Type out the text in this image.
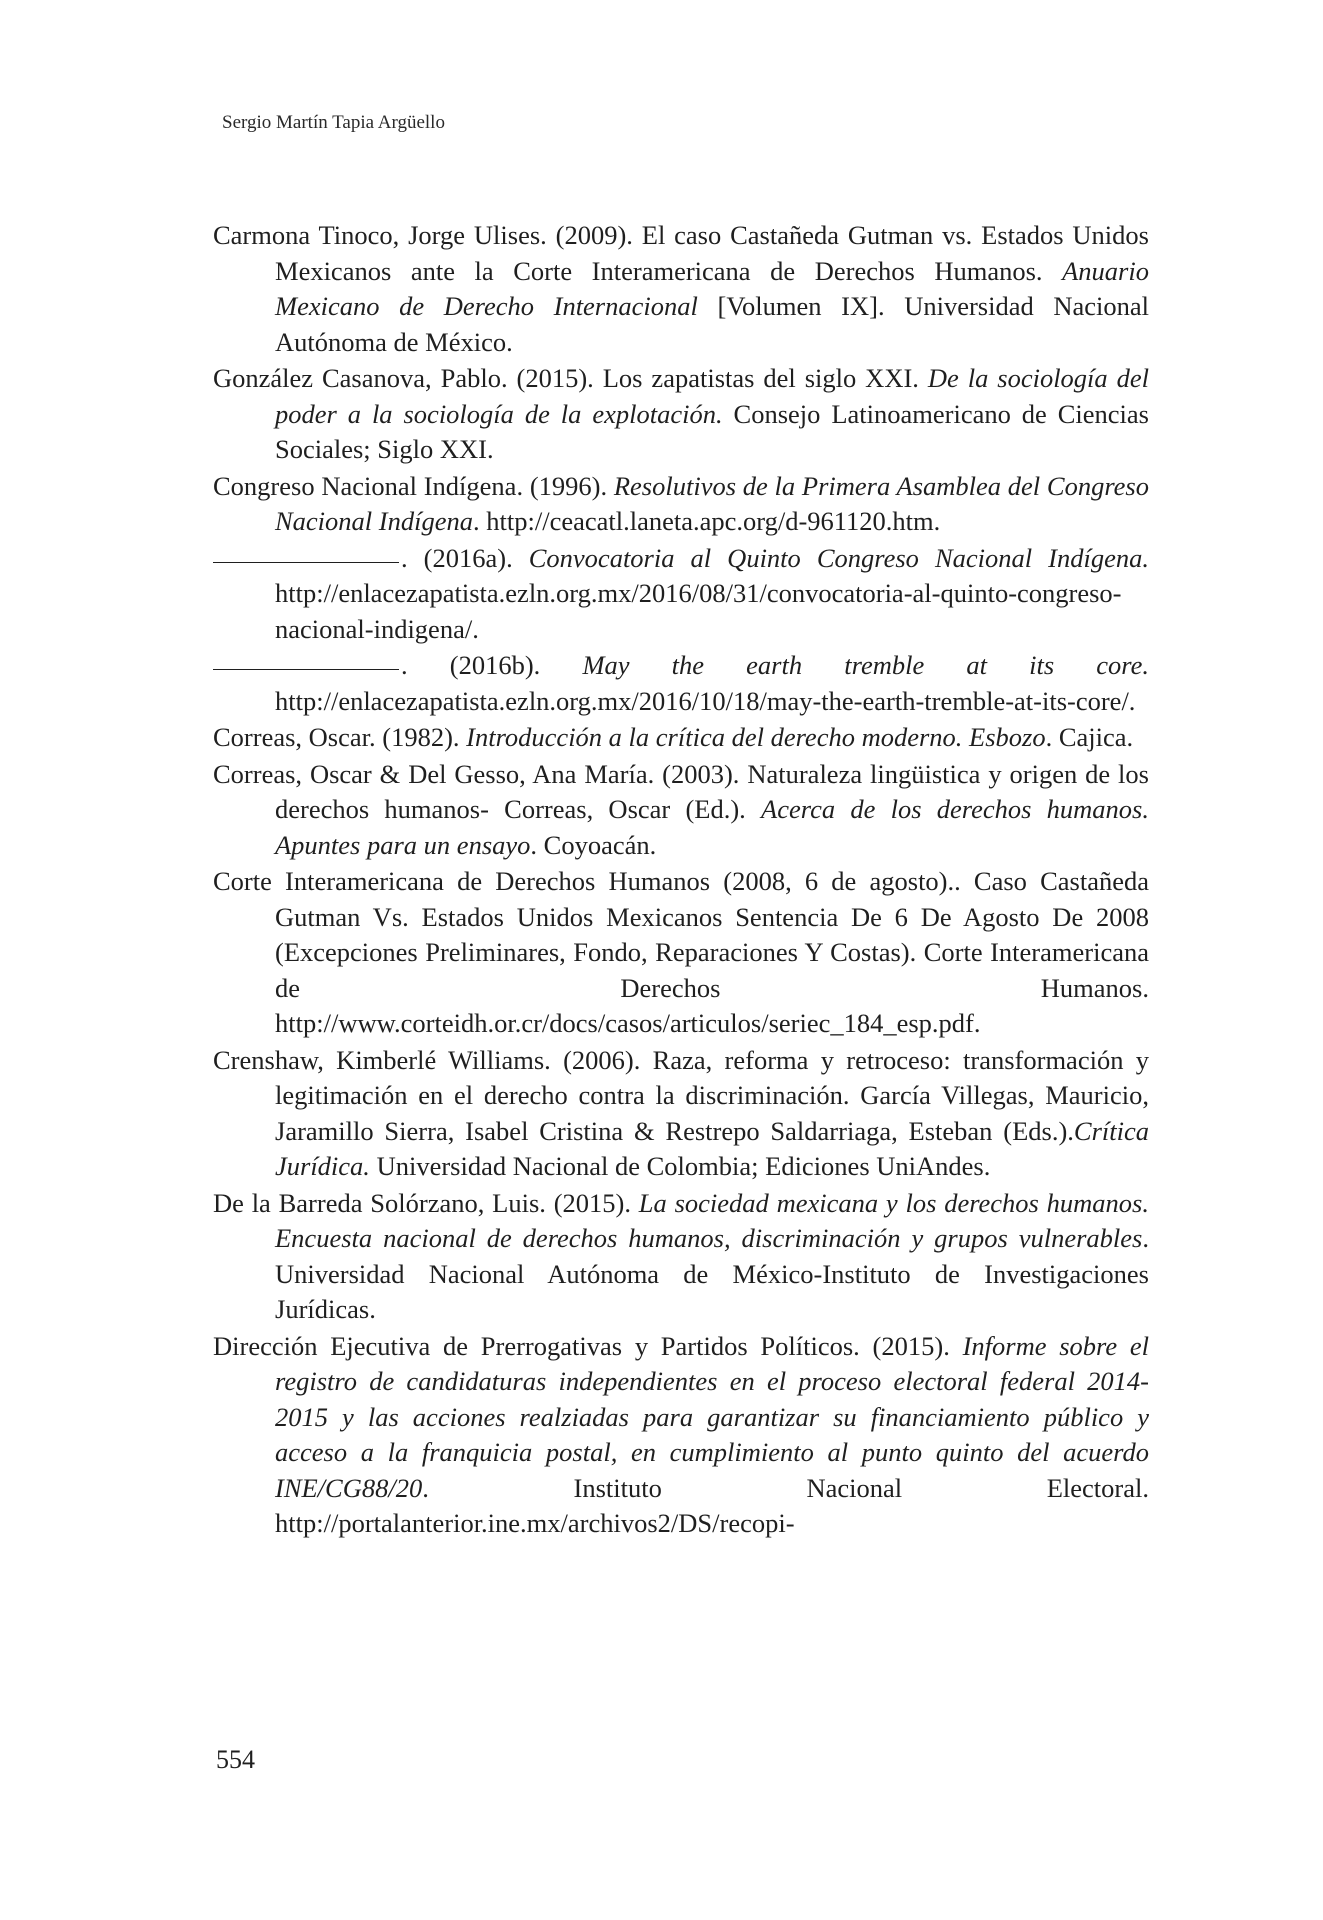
Sergio Martín Tapia Argüello

Carmona Tinoco, Jorge Ulises. (2009). El caso Castañeda Gutman vs. Estados Unidos Mexicanos ante la Corte Interamericana de Derechos Humanos. Anuario Mexicano de Derecho Internacional [Volumen IX]. Universidad Nacional Autónoma de México.

González Casanova, Pablo. (2015). Los zapatistas del siglo XXI. De la sociología del poder a la sociología de la explotación. Consejo Latinoamericano de Ciencias Sociales; Siglo XXI.

Congreso Nacional Indígena. (1996). Resolutivos de la Primera Asamblea del Congreso Nacional Indígena. http://ceacatl.laneta.apc.org/d-961120.htm.

. (2016a). Convocatoria al Quinto Congreso Nacional Indígena. http://enlacezapatista.ezln.org.mx/2016/08/31/convocatoria-al-quinto-congreso-nacional-indigena/.

. (2016b). May the earth tremble at its core. http://enlacezapatista.ezln.org.mx/2016/10/18/may-the-earth-tremble-at-its-core/.

Correas, Oscar. (1982). Introducción a la crítica del derecho moderno. Esbozo. Cajica.

Correas, Oscar & Del Gesso, Ana María. (2003). Naturaleza lingüistica y origen de los derechos humanos- Correas, Oscar (Ed.). Acerca de los derechos humanos. Apuntes para un ensayo. Coyoacán.

Corte Interamericana de Derechos Humanos (2008, 6 de agosto).. Caso Castañeda Gutman Vs. Estados Unidos Mexicanos Sentencia De 6 De Agosto De 2008 (Excepciones Preliminares, Fondo, Reparaciones Y Costas). Corte Interamericana de Derechos Humanos. http://www.corteidh.or.cr/docs/casos/articulos/seriec_184_esp.pdf.

Crenshaw, Kimberlé Williams. (2006). Raza, reforma y retroceso: transformación y legitimación en el derecho contra la discriminación. García Villegas, Mauricio, Jaramillo Sierra, Isabel Cristina & Restrepo Saldarriaga, Esteban (Eds.).Crítica Jurídica. Universidad Nacional de Colombia; Ediciones UniAndes.

De la Barreda Solórzano, Luis. (2015). La sociedad mexicana y los derechos humanos. Encuesta nacional de derechos humanos, discriminación y grupos vulnerables. Universidad Nacional Autónoma de México-Instituto de Investigaciones Jurídicas.

Dirección Ejecutiva de Prerrogativas y Partidos Políticos. (2015). Informe sobre el registro de candidaturas independientes en el proceso electoral federal 2014-2015 y las acciones realziadas para garantizar su financiamiento público y acceso a la franquicia postal, en cumplimiento al punto quinto del acuerdo INE/CG88/20. Instituto Nacional Electoral. http://portalanterior.ine.mx/archivos2/DS/recopi-

554
